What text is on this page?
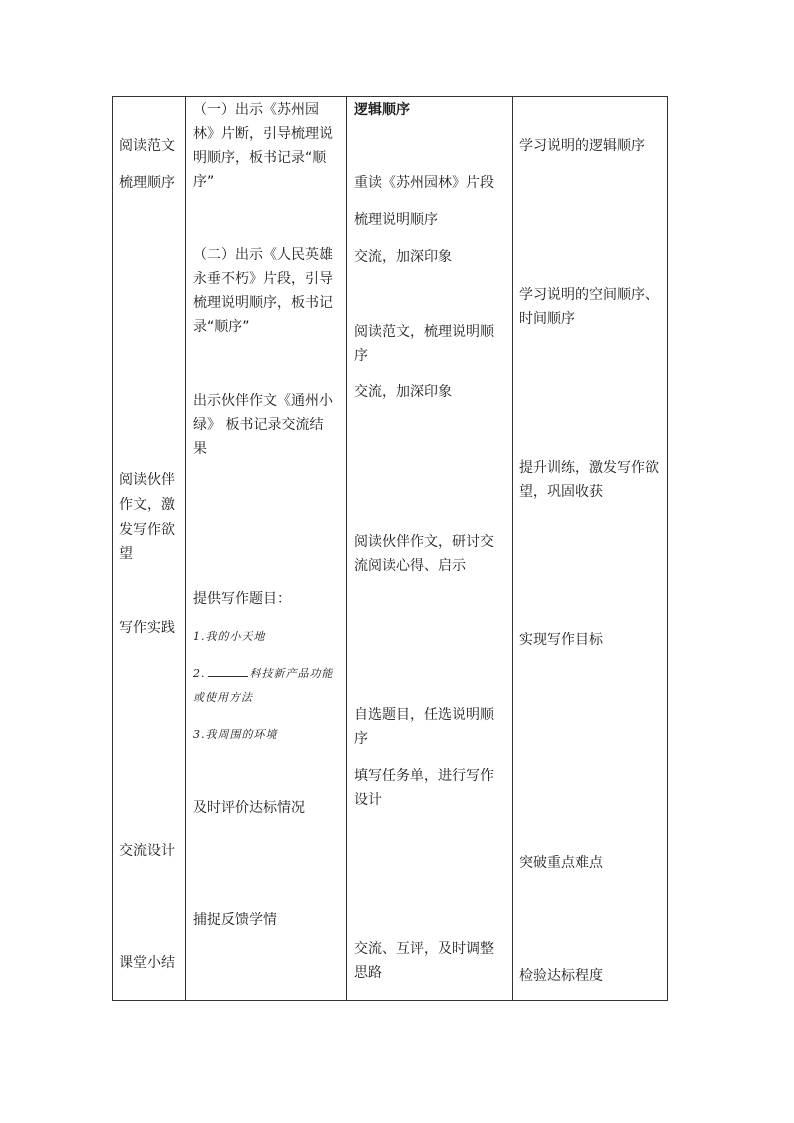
阅读范文
梳理顺序
阅读伙伴
作文，激
发写作欲
望
写作实践
交流设计
课堂小结
（一）出示《苏州园
林》片断，引导梳理说
明顺序，板书记录“顺
序”
（二）出示《人民英雄
永垂不朽》片段，引导
梳理说明顺序，板书记
录“顺序”
出示伙伴作文《通州小
绿》 板书记录交流结
果
提供写作题目：
1.我的小天地
2.	科技新产品功能
或使用方法
3.我周围的环境
及时评价达标情况
捕捉反馈学情
逻辑顺序
重读《苏州园林》片段
梳理说明顺序
交流，加深印象
阅读范文，梳理说明顺
序
交流，加深印象
阅读伙伴作文，研讨交
流阅读心得、启示
自选题目，任选说明顺
序
填写任务单，进行写作
设计
交流、互评，及时调整
思路
学习说明的逻辑顺序
学习说明的空间顺序、
时间顺序
提升训练，激发写作欲
望，巩固收获
实现写作目标
突破重点难点
检验达标程度
